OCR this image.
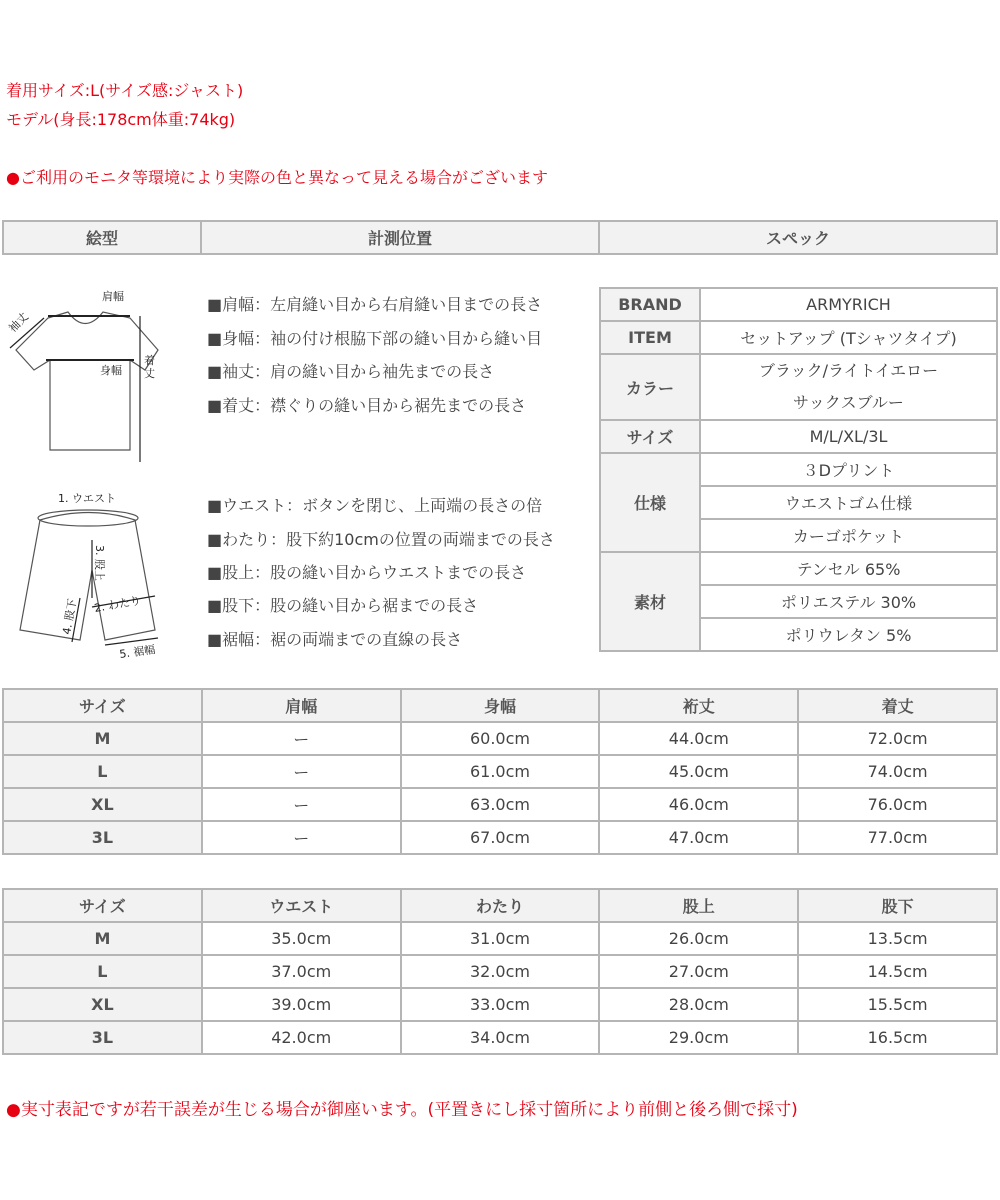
着用サイズ:L(サイズ感:ジャスト)
モデル(身長:178cm体重:74kg)
●ご利用のモニタ等環境により実際の色と異なって見える場合がございます
絵型	計測位置	スペック
肩幅
袖丈
身幅
着
丈
1. ウエスト
2. わたり
3. 股上
4. 股下
5. 裾幅
■肩幅：左肩縫い目から右肩縫い目までの長さ
■身幅：袖の付け根脇下部の縫い目から縫い目
■袖丈：肩の縫い目から袖先までの長さ
■着丈：襟ぐりの縫い目から裾先までの長さ
■ウエスト：ボタンを閉じ、上両端の長さの倍
■わたり：股下約10cmの位置の両端までの長さ
■股上：股の縫い目からウエストまでの長さ
■股下：股の縫い目から裾までの長さ
■裾幅：裾の両端までの直線の長さ
BRAND	ARMYRICH
ITEM	セットアップ (Tシャツタイプ)
カラー	ブラック/ライトイエロー
サックスブルー

サイズ	M/L/XL/3L
仕様	３Dプリント
	ウエストゴム仕様
	カーゴポケット
素材	テンセル 65%
	ポリエステル 30%
	ポリウレタン 5%
サイズ	肩幅	身幅	裄丈	着丈
M	ー	60.0cm	44.0cm	72.0cm
L	ー	61.0cm	45.0cm	74.0cm
XL	ー	63.0cm	46.0cm	76.0cm
3L	ー	67.0cm	47.0cm	77.0cm
サイズ	ウエスト	わたり	股上	股下
M	35.0cm	31.0cm	26.0cm	13.5cm
L	37.0cm	32.0cm	27.0cm	14.5cm
XL	39.0cm	33.0cm	28.0cm	15.5cm
3L	42.0cm	34.0cm	29.0cm	16.5cm
●実寸表記ですが若干誤差が生じる場合が御座います。(平置きにし採寸箇所により前側と後ろ側で採寸)
